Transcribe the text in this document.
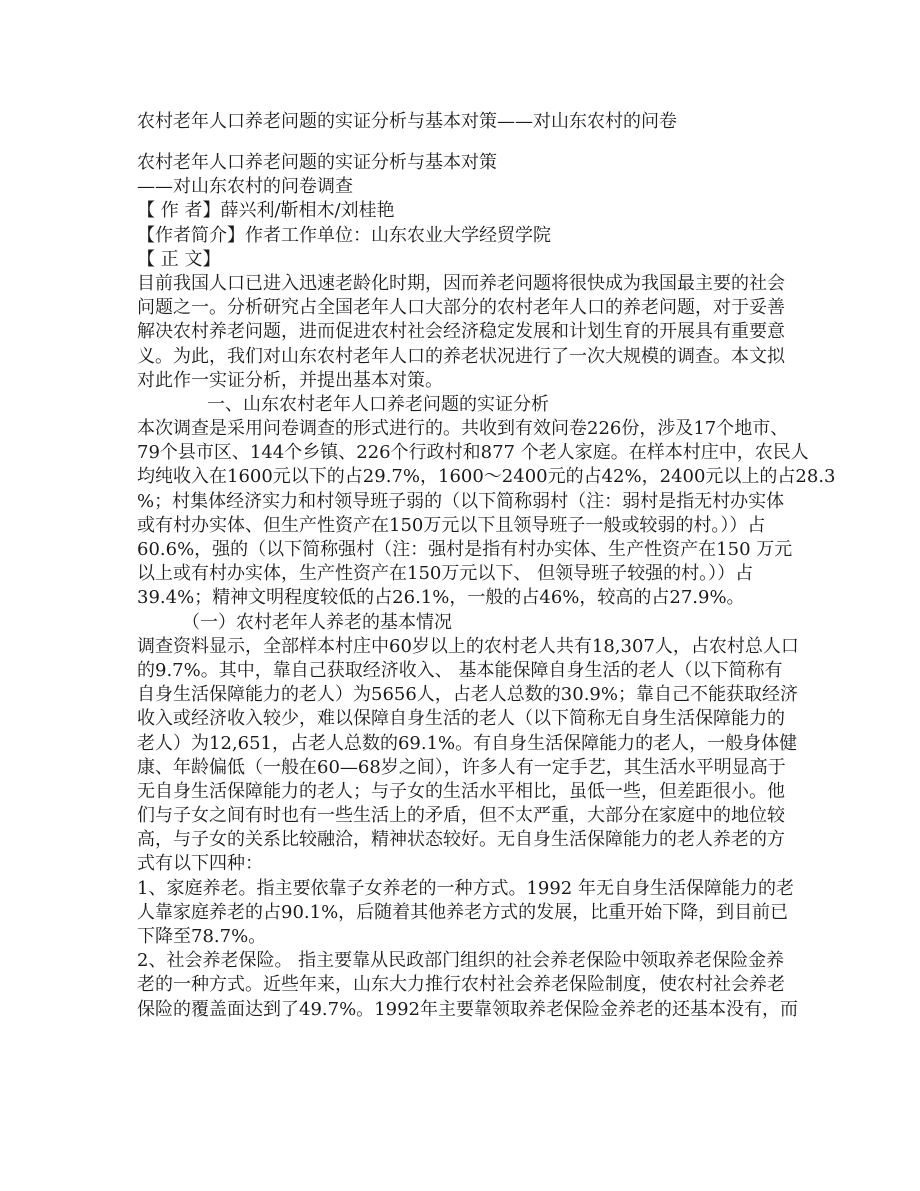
农村老年人口养老问题的实证分析与基本对策——对山东农村的问卷
农村老年人口养老问题的实证分析与基本对策
——对山东农村的问卷调查
【 作 者】薛兴利/靳相木/刘桂艳
【作者简介】作者工作单位：山东农业大学经贸学院
【 正 文】
目前我国人口已进入迅速老龄化时期，因而养老问题将很快成为我国最主要的社会
问题之一。分析研究占全国老年人口大部分的农村老年人口的养老问题，对于妥善
解决农村养老问题，进而促进农村社会经济稳定发展和计划生育的开展具有重要意
义。为此，我们对山东农村老年人口的养老状况进行了一次大规模的调查。本文拟
对此作一实证分析，并提出基本对策。
一、山东农村老年人口养老问题的实证分析
本次调查是采用问卷调查的形式进行的。共收到有效问卷226份，涉及17个地市、
79个县市区、144个乡镇、226个行政村和877 个老人家庭。在样本村庄中，农民人
均纯收入在1600元以下的占29.7%，1600～2400元的占42%，2400元以上的占28.3
%；村集体经济实力和村领导班子弱的（以下简称弱村（注：弱村是指无村办实体
或有村办实体、但生产性资产在150万元以下且领导班子一般或较弱的村。））占
60.6%，强的（以下简称强村（注：强村是指有村办实体、生产性资产在150 万元
以上或有村办实体，生产性资产在150万元以下、 但领导班子较强的村。））占
39.4%；精神文明程度较低的占26.1%，一般的占46%，较高的占27.9%。
（一）农村老年人养老的基本情况
调查资料显示，全部样本村庄中60岁以上的农村老人共有18,307人，占农村总人口
的9.7%。其中，靠自己获取经济收入、 基本能保障自身生活的老人（以下简称有
自身生活保障能力的老人）为5656人，占老人总数的30.9%；靠自己不能获取经济
收入或经济收入较少，难以保障自身生活的老人（以下简称无自身生活保障能力的
老人）为12,651，占老人总数的69.1%。有自身生活保障能力的老人，一般身体健
康、年龄偏低（一般在60—68岁之间），许多人有一定手艺，其生活水平明显高于
无自身生活保障能力的老人；与子女的生活水平相比，虽低一些，但差距很小。他
们与子女之间有时也有一些生活上的矛盾，但不太严重，大部分在家庭中的地位较
高，与子女的关系比较融洽，精神状态较好。无自身生活保障能力的老人养老的方
式有以下四种：
1、家庭养老。指主要依靠子女养老的一种方式。1992 年无自身生活保障能力的老
人靠家庭养老的占90.1%，后随着其他养老方式的发展，比重开始下降，到目前已
下降至78.7%。
2、社会养老保险。 指主要靠从民政部门组织的社会养老保险中领取养老保险金养
老的一种方式。近些年来，山东大力推行农村社会养老保险制度，使农村社会养老
保险的覆盖面达到了49.7%。1992年主要靠领取养老保险金养老的还基本没有，而
